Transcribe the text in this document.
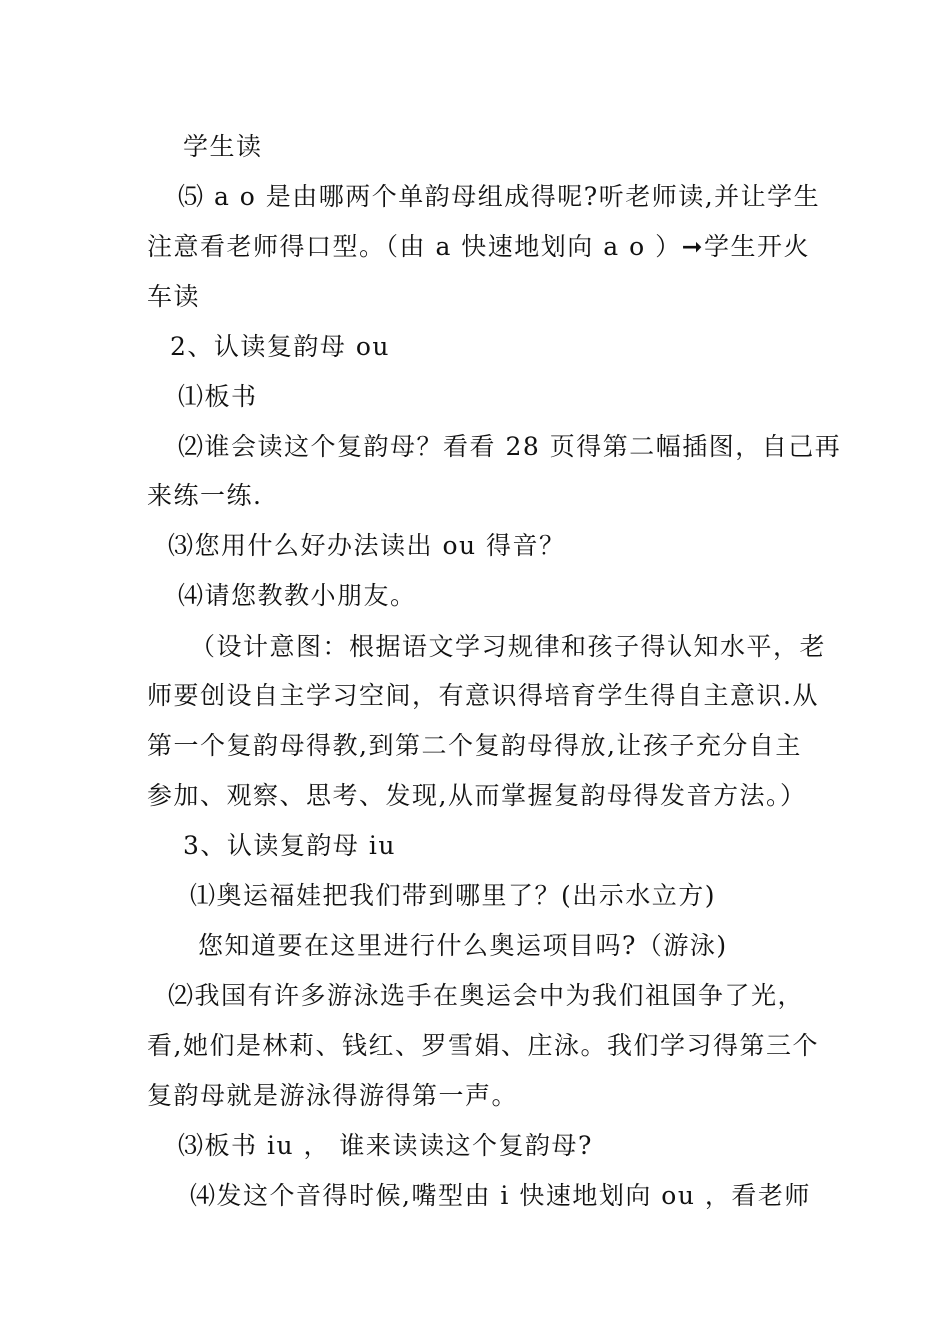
学生读
⑸ a o 是由哪两个单韵母组成得呢?听老师读,并让学生
注意看老师得口型。（由 a 快速地划向 a o ）➞学生开火
车读
2、认读复韵母 ou
⑴板书
⑵谁会读这个复韵母？看看 28 页得第二幅插图，自己再
来练一练.
⑶您用什么好办法读出 ou 得音？
⑷请您教教小朋友。
（设计意图：根据语文学习规律和孩子得认知水平，老
师要创设自主学习空间，有意识得培育学生得自主意识.从
第一个复韵母得教,到第二个复韵母得放,让孩子充分自主
参加、观察、思考、发现,从而掌握复韵母得发音方法。）
3、认读复韵母 iu
⑴奥运福娃把我们带到哪里了？(出示水立方)
您知道要在这里进行什么奥运项目吗?（游泳)
⑵我国有许多游泳选手在奥运会中为我们祖国争了光，
看,她们是林莉、钱红、罗雪娟、庄泳。我们学习得第三个
复韵母就是游泳得游得第一声。
⑶板书 iu ， 谁来读读这个复韵母?
⑷发这个音得时候,嘴型由 i 快速地划向 ou ，看老师
